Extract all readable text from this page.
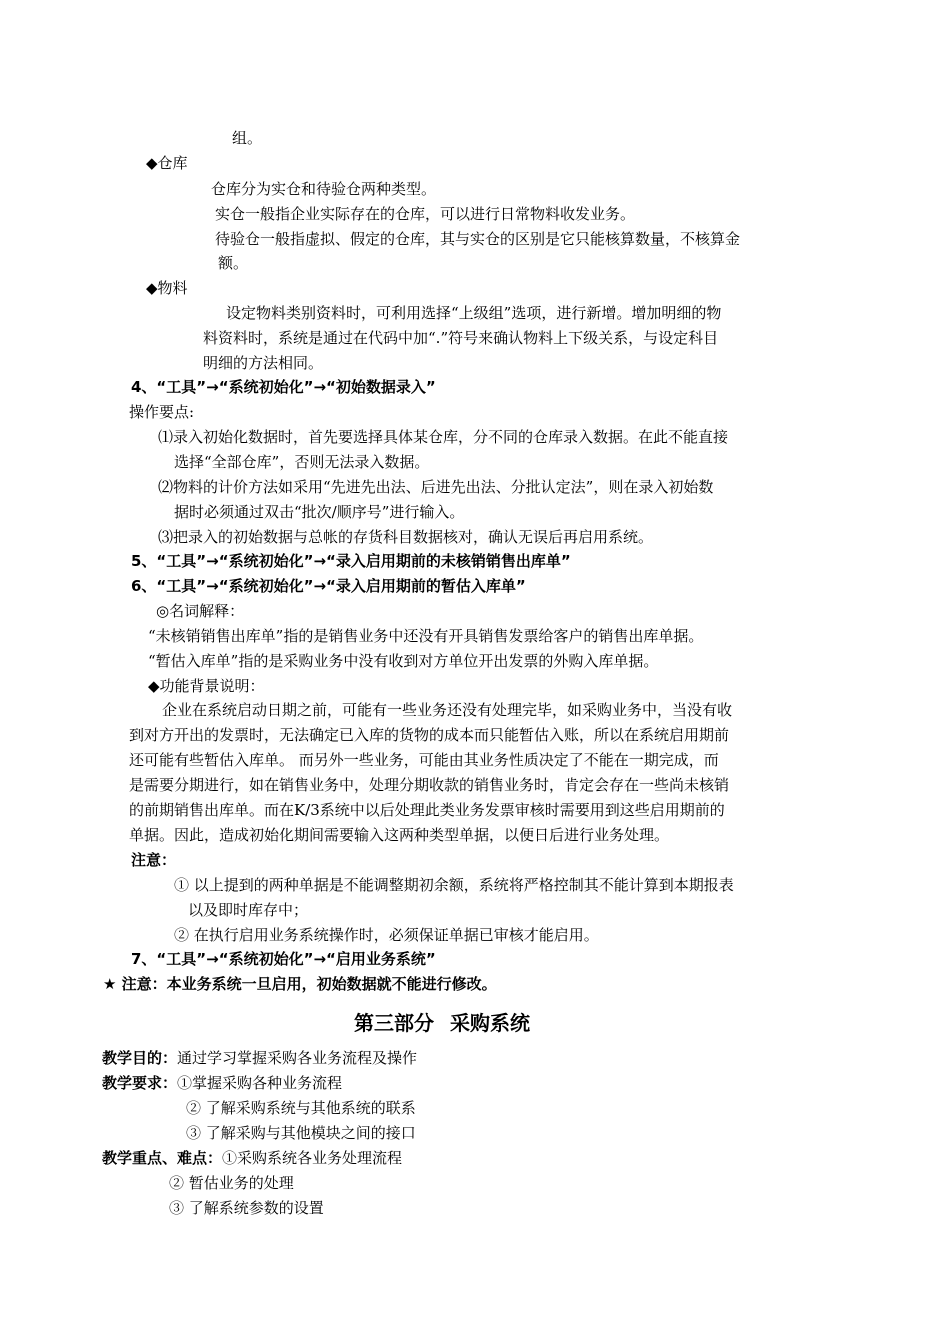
组。
◆仓库
仓库分为实仓和待验仓两种类型。
实仓一般指企业实际存在的仓库，可以进行日常物料收发业务。
待验仓一般指虚拟、假定的仓库，其与实仓的区别是它只能核算数量，不核算金
额。
◆物料
设定物料类别资料时，可利用选择“上级组”选项，进行新增。增加明细的物
料资料时，系统是通过在代码中加“.”符号来确认物料上下级关系，与设定科目
明细的方法相同。
4、“工具”→“系统初始化”→“初始数据录入”
操作要点:
⑴录入初始化数据时，首先要选择具体某仓库，分不同的仓库录入数据。在此不能直接
选择“全部仓库”，否则无法录入数据。
⑵物料的计价方法如采用“先进先出法、后进先出法、分批认定法”，则在录入初始数
据时必须通过双击“批次/顺序号”进行输入。
⑶把录入的初始数据与总帐的存货科目数据核对，确认无误后再启用系统。
5、“工具”→“系统初始化”→“录入启用期前的未核销销售出库单”
6、“工具”→“系统初始化”→“录入启用期前的暂估入库单”
◎名词解释：
“未核销销售出库单”指的是销售业务中还没有开具销售发票给客户的销售出库单据。
“暂估入库单”指的是采购业务中没有收到对方单位开出发票的外购入库单据。
◆功能背景说明：
企业在系统启动日期之前，可能有一些业务还没有处理完毕，如采购业务中，当没有收
到对方开出的发票时，无法确定已入库的货物的成本而只能暂估入账，所以在系统启用期前
还可能有些暂估入库单。 而另外一些业务，可能由其业务性质决定了不能在一期完成，而
是需要分期进行，如在销售业务中，处理分期收款的销售业务时，肯定会存在一些尚未核销
的前期销售出库单。而在K/3系统中以后处理此类业务发票审核时需要用到这些启用期前的
单据。因此，造成初始化期间需要输入这两种类型单据，以便日后进行业务处理。
注意：
① 以上提到的两种单据是不能调整期初余额，系统将严格控制其不能计算到本期报表
以及即时库存中；
② 在执行启用业务系统操作时，必须保证单据已审核才能启用。
7、“工具”→“系统初始化”→“启用业务系统”
★ 注意：本业务系统一旦启用，初始数据就不能进行修改。
第三部分 采购系统
教学目的：通过学习掌握采购各业务流程及操作
教学要求：①掌握采购各种业务流程
② 了解采购系统与其他系统的联系
③ 了解采购与其他模块之间的接口
教学重点、难点：①采购系统各业务处理流程
② 暂估业务的处理
③ 了解系统参数的设置
